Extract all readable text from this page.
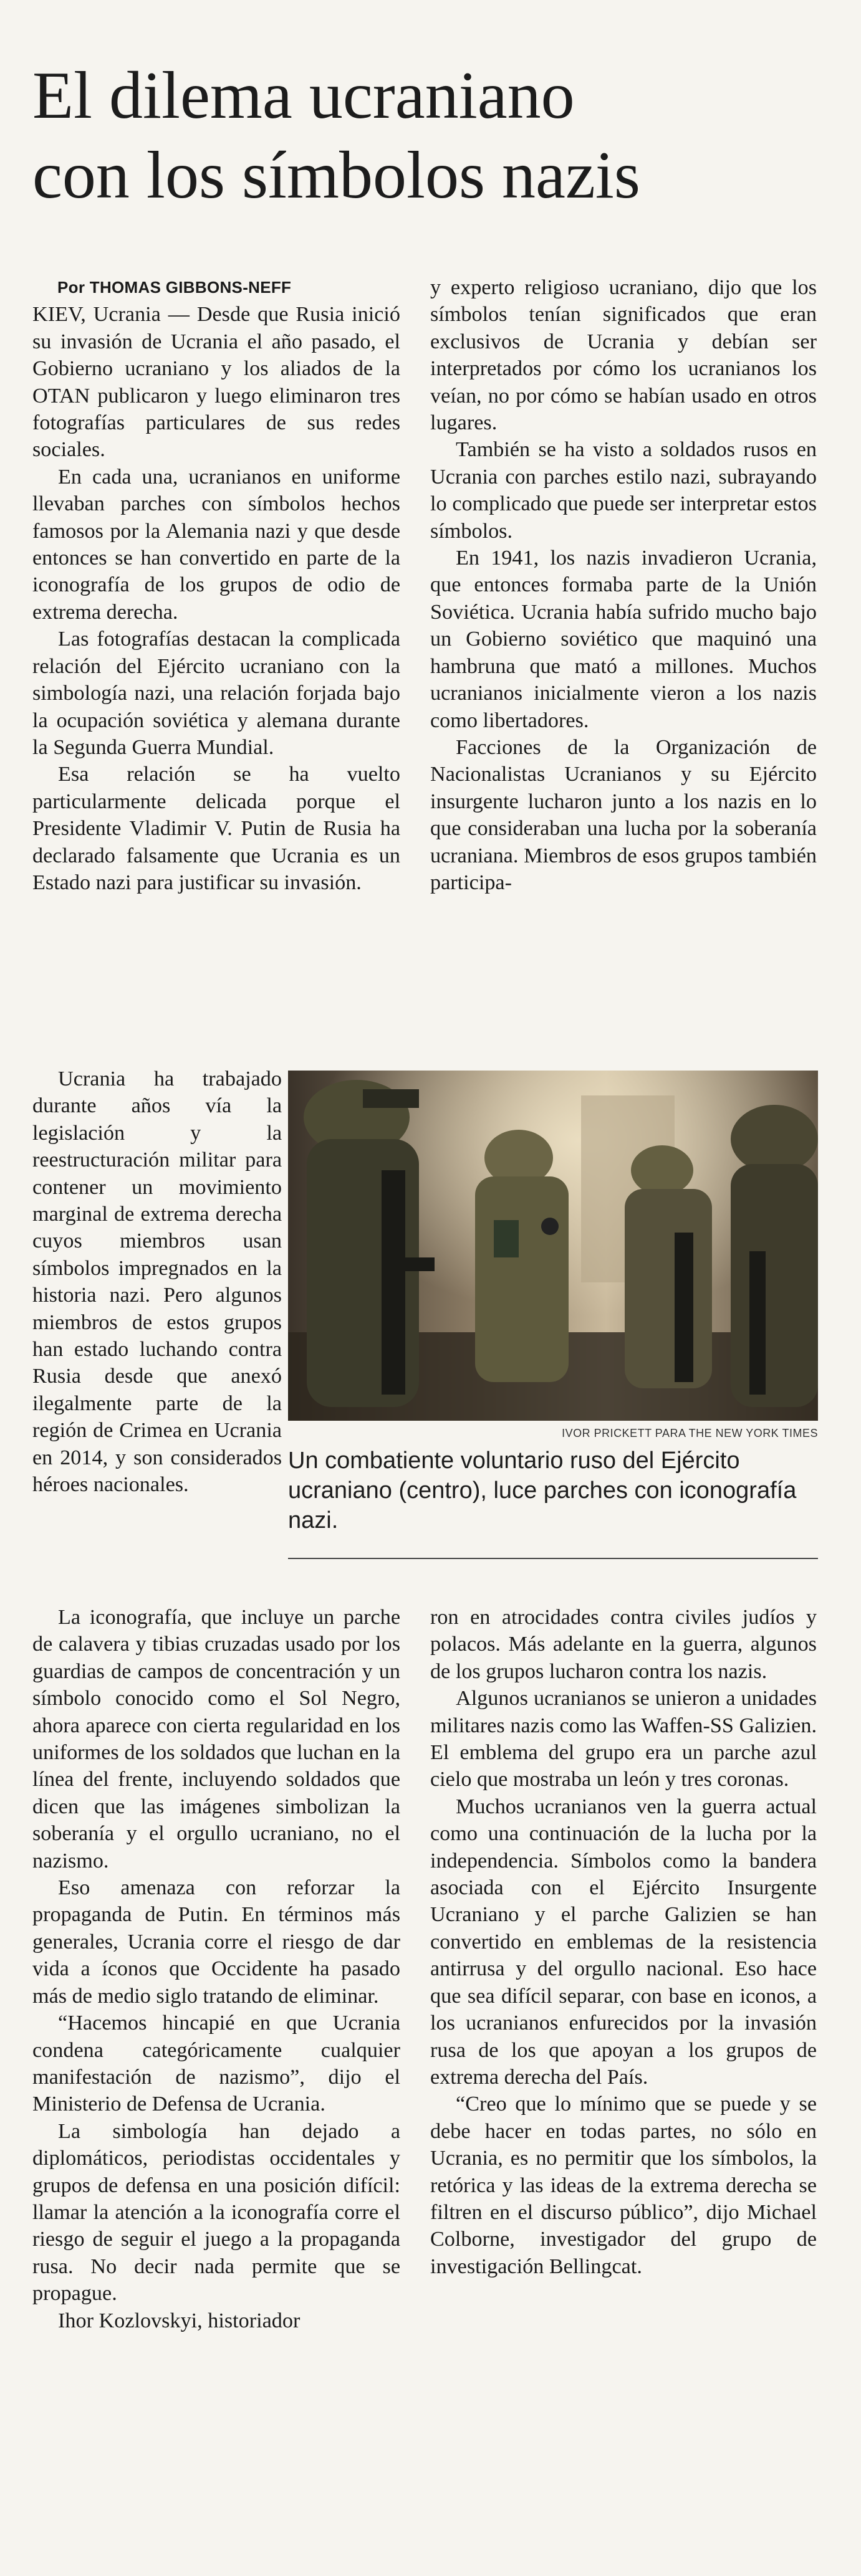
El dilema ucraniano
con los símbolos nazis
Por THOMAS GIBBONS-NEFF

KIEV, Ucrania — Desde que Rusia inició su invasión de Ucrania el año pasado, el Gobierno ucraniano y los aliados de la OTAN publicaron y luego eliminaron tres fotografías particulares de sus redes sociales.

En cada una, ucranianos en uniforme llevaban parches con símbolos hechos famosos por la Alemania nazi y que desde entonces se han convertido en parte de la iconografía de los grupos de odio de extrema derecha.

Las fotografías destacan la complicada relación del Ejército ucraniano con la simbología nazi, una relación forjada bajo la ocupación soviética y alemana durante la Segunda Guerra Mundial.

Esa relación se ha vuelto particularmente delicada porque el Presidente Vladimir V. Putin de Rusia ha declarado falsamente que Ucrania es un Estado nazi para justificar su invasión.

y experto religioso ucraniano, dijo que los símbolos tenían significados que eran exclusivos de Ucrania y debían ser interpretados por cómo los ucranianos los veían, no por cómo se habían usado en otros lugares.

También se ha visto a soldados rusos en Ucrania con parches estilo nazi, subrayando lo complicado que puede ser interpretar estos símbolos.

En 1941, los nazis invadieron Ucrania, que entonces formaba parte de la Unión Soviética. Ucrania había sufrido mucho bajo un Gobierno soviético que maquinó una hambruna que mató a millones. Muchos ucranianos inicialmente vieron a los nazis como libertadores.

Facciones de la Organización de Nacionalistas Ucranianos y su Ejército insurgente lucharon junto a los nazis en lo que consideraban una lucha por la soberanía ucraniana. Miembros de esos grupos también participa-

Ucrania ha trabajado durante años vía la legislación y la reestructuración militar para contener un movimiento marginal de extrema derecha cuyos miembros usan símbolos impregnados en la historia nazi. Pero algunos miembros de estos grupos han estado luchando contra Rusia desde que anexó ilegalmente parte de la región de Crimea en Ucrania en 2014, y son considerados héroes nacionales.

IVOR PRICKETT PARA THE NEW YORK TIMES
Un combatiente voluntario ruso del Ejército ucraniano (centro), luce parches con iconografía nazi.

La iconografía, que incluye un parche de calavera y tibias cruzadas usado por los guardias de campos de concentración y un símbolo conocido como el Sol Negro, ahora aparece con cierta regularidad en los uniformes de los soldados que luchan en la línea del frente, incluyendo soldados que dicen que las imágenes simbolizan la soberanía y el orgullo ucraniano, no el nazismo.

Eso amenaza con reforzar la propaganda de Putin. En términos más generales, Ucrania corre el riesgo de dar vida a íconos que Occidente ha pasado más de medio siglo tratando de eliminar.

“Hacemos hincapié en que Ucrania condena categóricamente cualquier manifestación de nazismo”, dijo el Ministerio de Defensa de Ucrania.

La simbología han dejado a diplomáticos, periodistas occidentales y grupos de defensa en una posición difícil: llamar la atención a la iconografía corre el riesgo de seguir el juego a la propaganda rusa. No decir nada permite que se propague.

Ihor Kozlovskyi, historiador

ron en atrocidades contra civiles judíos y polacos. Más adelante en la guerra, algunos de los grupos lucharon contra los nazis.

Algunos ucranianos se unieron a unidades militares nazis como las Waffen-SS Galizien. El emblema del grupo era un parche azul cielo que mostraba un león y tres coronas.

Muchos ucranianos ven la guerra actual como una continuación de la lucha por la independencia. Símbolos como la bandera asociada con el Ejército Insurgente Ucraniano y el parche Galizien se han convertido en emblemas de la resistencia antirrusa y del orgullo nacional. Eso hace que sea difícil separar, con base en iconos, a los ucranianos enfurecidos por la invasión rusa de los que apoyan a los grupos de extrema derecha del País.

“Creo que lo mínimo que se puede y se debe hacer en todas partes, no sólo en Ucrania, es no permitir que los símbolos, la retórica y las ideas de la extrema derecha se filtren en el discurso público”, dijo Michael Colborne, investigador del grupo de investigación Bellingcat.
